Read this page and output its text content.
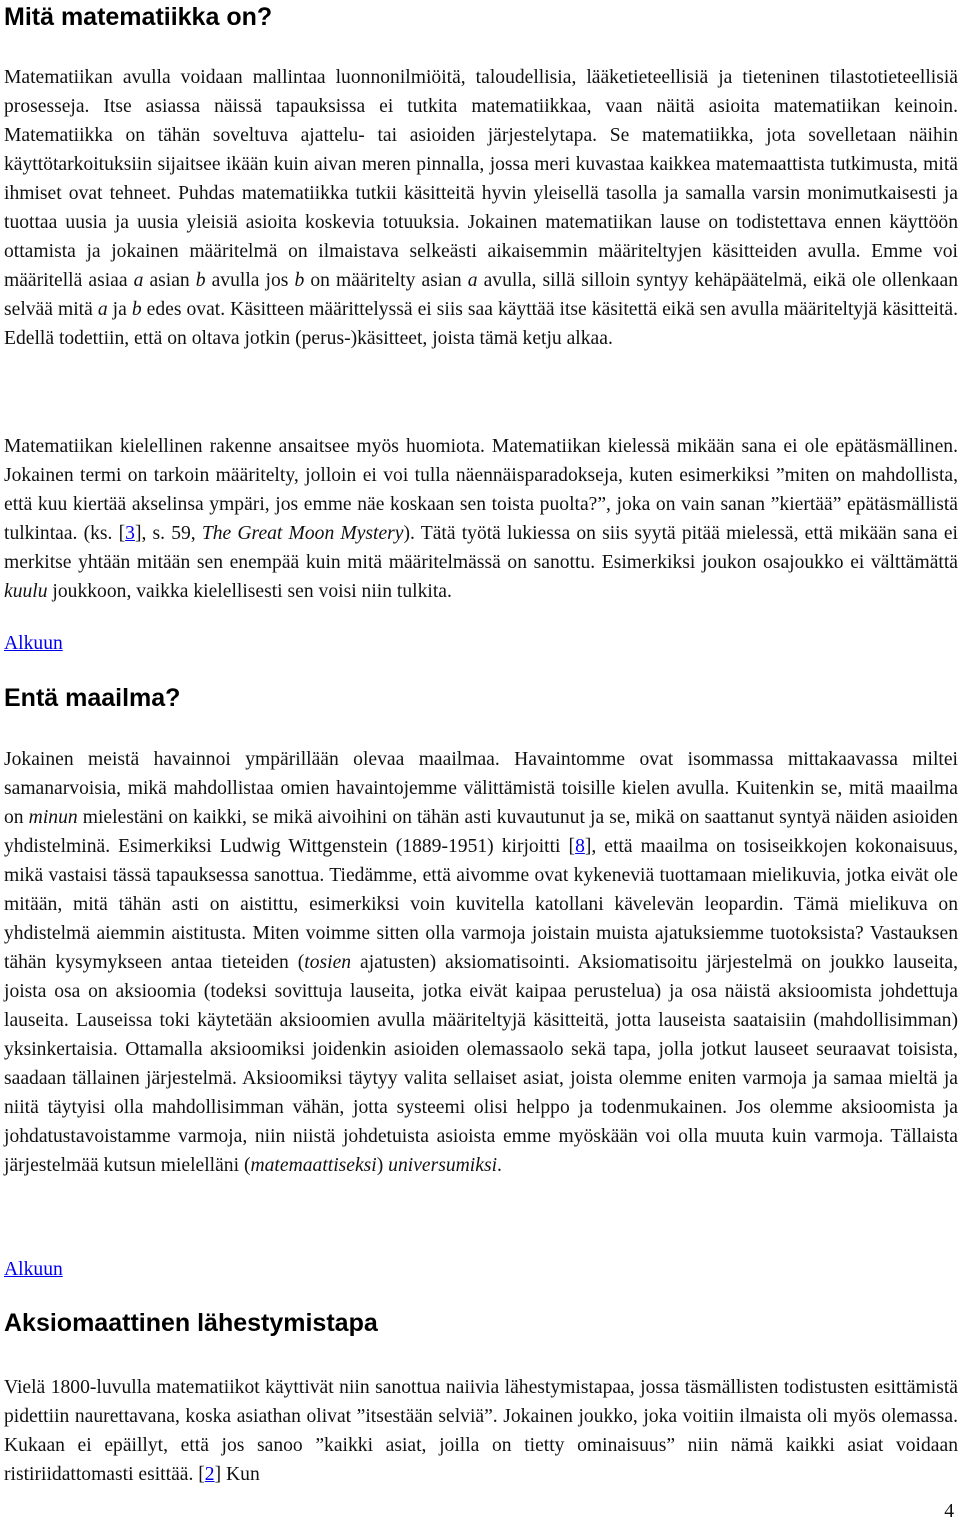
Mitä matematiikka on?

Matematiikan avulla voidaan mallintaa luonnonilmiöitä, taloudellisia, lääketieteellisiä ja tieteninen tilastotieteellisiä prosesseja. Itse asiassa näissä tapauksissa ei tutkita matematiikkaa, vaan näitä asioita matematiikan keinoin. Matematiikka on tähän soveltuva ajattelu- tai asioiden järjestelytapa. Se matematiikka, jota sovelletaan näihin käyttötarkoituksiin sijaitsee ikään kuin aivan meren pinnalla, jossa meri kuvastaa kaikkea matemaattista tutkimusta, mitä ihmiset ovat tehneet. Puhdas matematiikka tutkii käsitteitä hyvin yleisellä tasolla ja samalla varsin monimutkaisesti ja tuottaa uusia ja uusia yleisiä asioita koskevia totuuksia. Jokainen matematiikan lause on todistettava ennen käyttöön ottamista ja jokainen määritelmä on ilmaistava selkeästi aikaisemmin määriteltyjen käsitteiden avulla. Emme voi määritellä asiaa a asian b avulla jos b on määritelty asian a avulla, sillä silloin syntyy kehäpäätelmä, eikä ole ollenkaan selvää mitä a ja b edes ovat. Käsitteen määrittelyssä ei siis saa käyttää itse käsitettä eikä sen avulla määriteltyjä käsitteitä. Edellä todettiin, että on oltava jotkin (perus-)käsitteet, joista tämä ketju alkaa.

Matematiikan kielellinen rakenne ansaitsee myös huomiota. Matematiikan kielessä mikään sana ei ole epätäsmällinen. Jokainen termi on tarkoin määritelty, jolloin ei voi tulla näennäisparadokseja, kuten esimerkiksi ”miten on mahdollista, että kuu kiertää akselinsa ympäri, jos emme näe koskaan sen toista puolta?”, joka on vain sanan ”kiertää” epätäsmällistä tulkintaa. (ks. [3], s. 59, The Great Moon Mystery). Tätä työtä lukiessa on siis syytä pitää mielessä, että mikään sana ei merkitse yhtään mitään sen enempää kuin mitä määritelmässä on sanottu. Esimerkiksi joukon osajoukko ei välttämättä kuulu joukkoon, vaikka kielellisesti sen voisi niin tulkita.

Alkuun
Entä maailma?

Jokainen meistä havainnoi ympärillään olevaa maailmaa. Havaintomme ovat isommassa mittakaavassa miltei samanarvoisia, mikä mahdollistaa omien havaintojemme välittämistä toisille kielen avulla. Kuitenkin se, mitä maailma on minun mielestäni on kaikki, se mikä aivoihini on tähän asti kuvautunut ja se, mikä on saattanut syntyä näiden asioiden yhdistelminä. Esimerkiksi Ludwig Wittgenstein (1889-1951) kirjoitti [8], että maailma on tosiseikkojen kokonaisuus, mikä vastaisi tässä tapauksessa sanottua. Tiedämme, että aivomme ovat kykeneviä tuottamaan mielikuvia, jotka eivät ole mitään, mitä tähän asti on aistittu, esimerkiksi voin kuvitella katollani kävelevän leopardin. Tämä mielikuva on yhdistelmä aiemmin aistitusta. Miten voimme sitten olla varmoja joistain muista ajatuksiemme tuotoksista? Vastauksen tähän kysymykseen antaa tieteiden (tosien ajatusten) aksiomatisointi. Aksiomatisoitu järjestelmä on joukko lauseita, joista osa on aksioomia (todeksi sovittuja lauseita, jotka eivät kaipaa perustelua) ja osa näistä aksioomista johdettuja lauseita. Lauseissa toki käytetään aksioomien avulla määriteltyjä käsitteitä, jotta lauseista saataisiin (mahdollisimman) yksinkertaisia. Ottamalla aksioomiksi joidenkin asioiden olemassaolo sekä tapa, jolla jotkut lauseet seuraavat toisista, saadaan tällainen järjestelmä. Aksioomiksi täytyy valita sellaiset asiat, joista olemme eniten varmoja ja samaa mieltä ja niitä täytyisi olla mahdollisimman vähän, jotta systeemi olisi helppo ja todenmukainen. Jos olemme aksioomista ja johdatustavoistamme varmoja, niin niistä johdetuista asioista emme myöskään voi olla muuta kuin varmoja. Tällaista järjestelmää kutsun mielelläni (matemaattiseksi) universumiksi.

Alkuun
Aksiomaattinen lähestymistapa

Vielä 1800-luvulla matematiikot käyttivät niin sanottua naiivia lähestymistapaa, jossa täsmällisten todistusten esittämistä pidettiin naurettavana, koska asiathan olivat ”itsestään selviä”. Jokainen joukko, joka voitiin ilmaista oli myös olemassa. Kukaan ei epäillyt, että jos sanoo ”kaikki asiat, joilla on tietty ominaisuus” niin nämä kaikki asiat voidaan ristiriidattomasti esittää. [2] Kun

4
